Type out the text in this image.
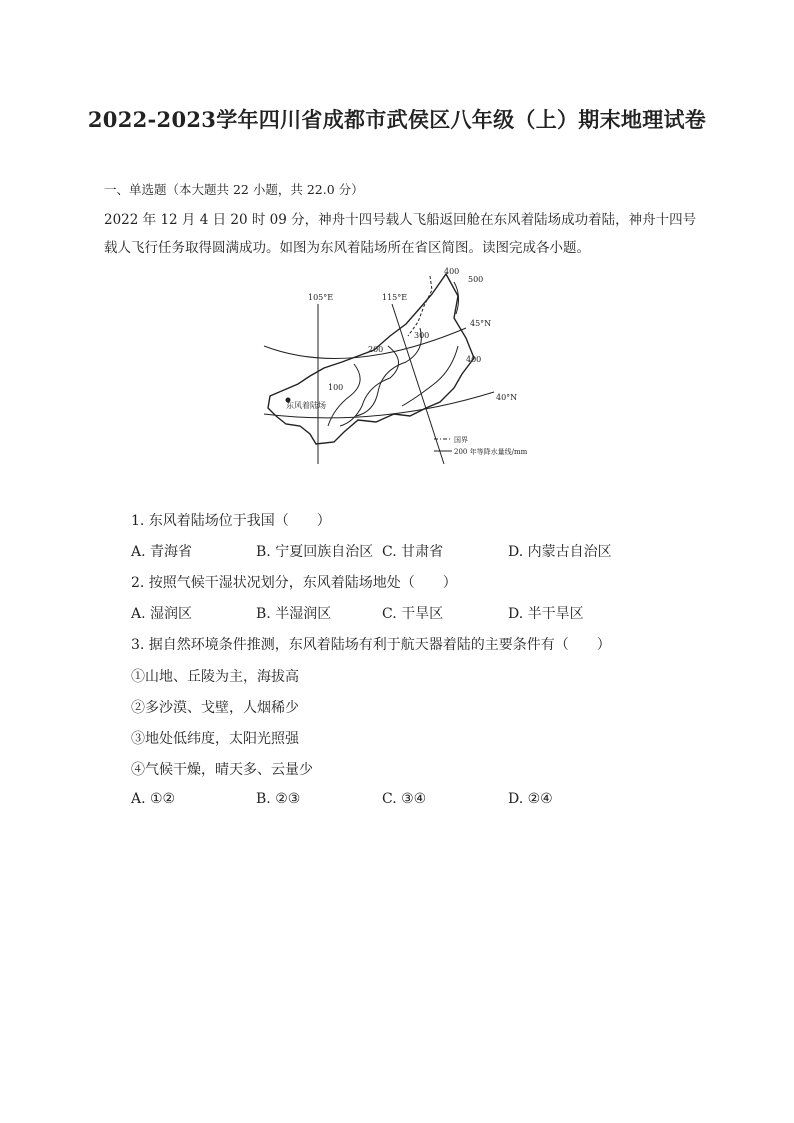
2022-2023学年四川省成都市武侯区八年级（上）期末地理试卷
一、单选题（本大题共 22 小题，共 22.0 分）
2022 年 12 月 4 日 20 时 09 分，神舟十四号载人飞船返回舱在东风着陆场成功着陆，神舟十四号
载人飞行任务取得圆满成功。如图为东风着陆场所在省区简图。读图完成各小题。
105°E	115°E
45°N
40°N
400
500
300
200
400
100
东风着陆场
国界
200 年等降水量线/mm
1. 东风着陆场位于我国（　　）
A. 青海省	B. 宁夏回族自治区 C. 甘肃省	D. 内蒙古自治区
2. 按照气候干湿状况划分，东风着陆场地处（　　）
A. 湿润区	B. 半湿润区	C. 干旱区	D. 半干旱区
3. 据自然环境条件推测，东风着陆场有利于航天器着陆的主要条件有（　　）
①山地、丘陵为主，海拔高
②多沙漠、戈壁，人烟稀少
③地处低纬度，太阳光照强
④气候干燥，晴天多、云量少
A. ①②	B. ②③	C. ③④	D. ②④
